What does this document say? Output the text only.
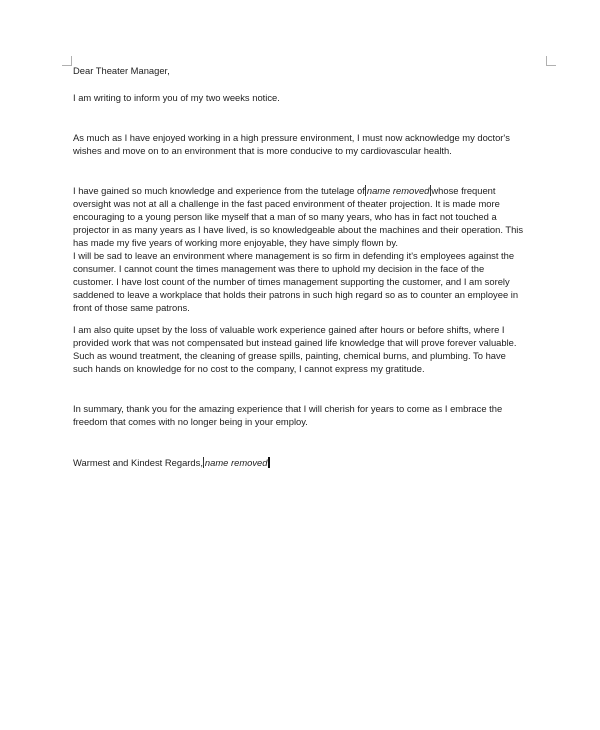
Dear Theater Manager,
I am writing to inform you of my two weeks notice.
As much as I have enjoyed working in a high pressure environment, I must now acknowledge my doctor's
wishes and move on to an environment that is more conducive to my cardiovascular health.
I have gained so much knowledge and experience from the tutelage of name removed whose frequent
oversight was not at all a challenge in the fast paced environment of theater projection. It is made more
encouraging to a young person like myself that a man of so many years, who has in fact not touched a
projector in as many years as I have lived, is so knowledgeable about the machines and their operation. This
has made my five years of working more enjoyable, they have simply flown by.
I will be sad to leave an environment where management is so firm in defending it's employees against the
consumer. I cannot count the times management was there to uphold my decision in the face of the
customer. I have lost count of the number of times management supporting the customer, and I am sorely
saddened to leave a workplace that holds their patrons in such high regard so as to counter an employee in
front of those same patrons.
I am also quite upset by the loss of valuable work experience gained after hours or before shifts, where I
provided work that was not compensated but instead gained life knowledge that will prove forever valuable.
Such as wound treatment, the cleaning of grease spills, painting, chemical burns, and plumbing. To have
such hands on knowledge for no cost to the company, I cannot express my gratitude.
In summary, thank you for the amazing experience that I will cherish for years to come as I embrace the
freedom that comes with no longer being in your employ.
Warmest and Kindest Regards, name removed
